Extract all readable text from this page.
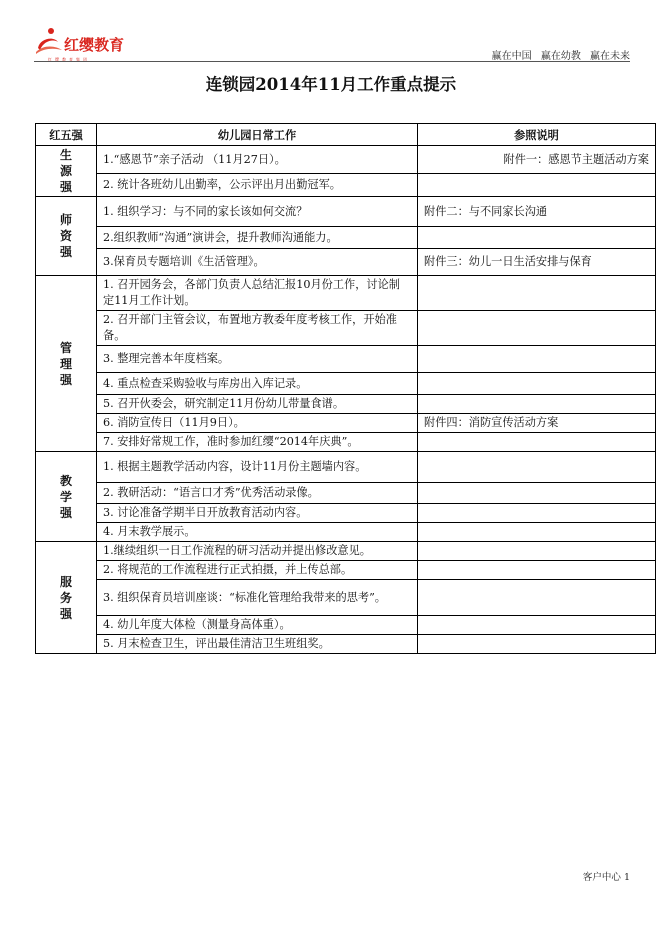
红缨教育
红缨教育集团	赢在中国 赢在幼教 赢在未来
连锁园2014年11月工作重点提示
红五强	幼儿园日常工作	参照说明
生源强	1.“感恩节”亲子活动 （11月27日）。	附件一：感恩节主题活动方案
	2. 统计各班幼儿出勤率，公示评出月出勤冠军。	
师资强	1. 组织学习：与不同的家长该如何交流？	附件二：与不同家长沟通
	2.组织教师“沟通”演讲会，提升教师沟通能力。	
	3.保育员专题培训《生活管理》。	附件三：幼儿一日生活安排与保育
管理强	1. 召开园务会，各部门负责人总结汇报10月份工作，讨论制定11月工作计划。	
	2. 召开部门主管会议，布置地方教委年度考核工作，开始准备。	
	3. 整理完善本年度档案。	
	4. 重点检查采购验收与库房出入库记录。	
	5. 召开伙委会，研究制定11月份幼儿带量食谱。	
	6. 消防宣传日（11月9日）。	附件四：消防宣传活动方案
	7. 安排好常规工作，准时参加红缨“2014年庆典”。	
教学强	1. 根据主题教学活动内容，设计11月份主题墙内容。	
	2. 教研活动：“语言口才秀”优秀活动录像。	
	3. 讨论准备学期半日开放教育活动内容。	
	4. 月末教学展示。	
服务强	1.继续组织一日工作流程的研习活动并提出修改意见。	
	2. 将规范的工作流程进行正式拍摄，并上传总部。	
	3. 组织保育员培训座谈：“标准化管理给我带来的思考”。	
	4. 幼儿年度大体检（测量身高体重）。	
	5. 月末检查卫生，评出最佳清洁卫生班组奖。	
客户中心 1
